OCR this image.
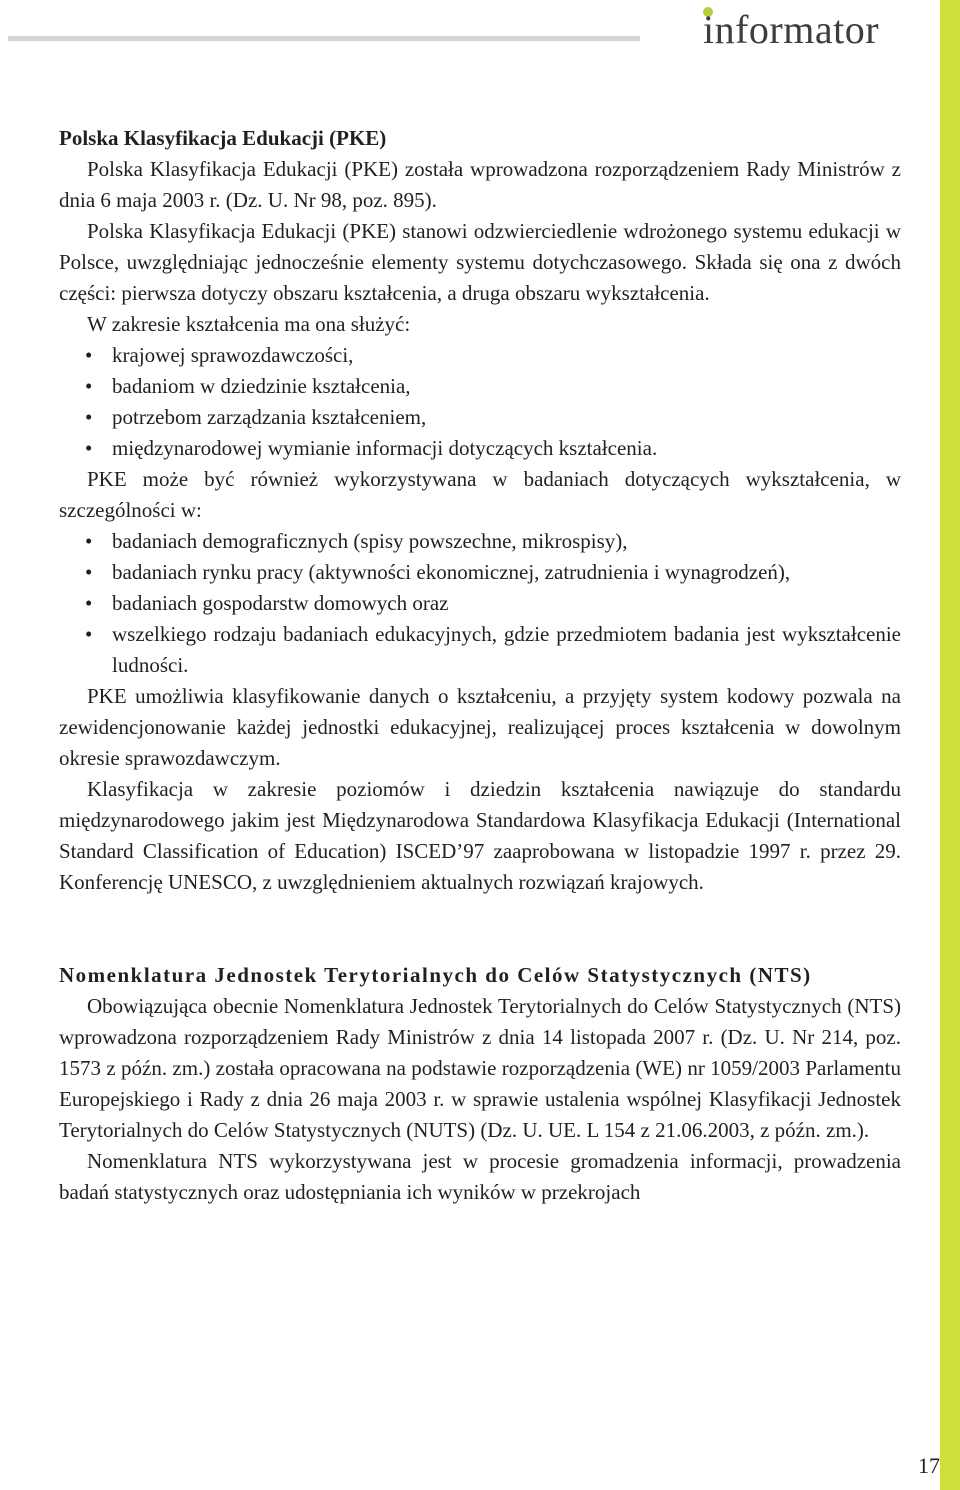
informator
Polska Klasyfikacja Edukacji (PKE)

Polska Klasyfikacja Edukacji (PKE) została wprowadzona rozporządzeniem Rady Ministrów z dnia 6 maja 2003 r. (Dz. U. Nr 98, poz. 895).

Polska Klasyfikacja Edukacji (PKE) stanowi odzwierciedlenie wdrożonego systemu edukacji w Polsce, uwzględniając jednocześnie elementy systemu dotychczasowego. Składa się ona z dwóch części: pierwsza dotyczy obszaru kształcenia, a druga obszaru wykształcenia.

W zakresie kształcenia ma ona służyć:

• krajowej sprawozdawczości,
• badaniom w dziedzinie kształcenia,
• potrzebom zarządzania kształceniem,
• międzynarodowej wymianie informacji dotyczących kształcenia.

PKE może być również wykorzystywana w badaniach dotyczących wykształcenia, w szczególności w:

• badaniach demograficznych (spisy powszechne, mikrospisy),
• badaniach rynku pracy (aktywności ekonomicznej, zatrudnienia i wynagrodzeń),
• badaniach gospodarstw domowych oraz
• wszelkiego rodzaju badaniach edukacyjnych, gdzie przedmiotem badania jest wykształcenie ludności.

PKE umożliwia klasyfikowanie danych o kształceniu, a przyjęty system kodowy pozwala na zewidencjonowanie każdej jednostki edukacyjnej, realizującej proces kształcenia w dowolnym okresie sprawozdawczym.

Klasyfikacja w zakresie poziomów i dziedzin kształcenia nawiązuje do standardu międzynarodowego jakim jest Międzynarodowa Standardowa Klasyfikacja Edukacji (International Standard Classification of Education) ISCED’97 zaaprobowana w listopadzie 1997 r. przez 29. Konferencję UNESCO, z uwzględnieniem aktualnych rozwiązań krajowych.

Nomenklatura Jednostek Terytorialnych do Celów Statystycznych (NTS)

Obowiązująca obecnie Nomenklatura Jednostek Terytorialnych do Celów Statystycznych (NTS) wprowadzona rozporządzeniem Rady Ministrów z dnia 14 listopada 2007 r. (Dz. U. Nr 214, poz. 1573 z późn. zm.) została opracowana na podstawie rozporządzenia (WE) nr 1059/2003 Parlamentu Europejskiego i Rady z dnia 26 maja 2003 r. w sprawie ustalenia wspólnej Klasyfikacji Jednostek Terytorialnych do Celów Statystycznych (NUTS) (Dz. U. UE. L 154 z 21.06.2003, z późn. zm.).

Nomenklatura NTS wykorzystywana jest w procesie gromadzenia informacji, prowadzenia badań statystycznych oraz udostępniania ich wyników w przekrojach

17
